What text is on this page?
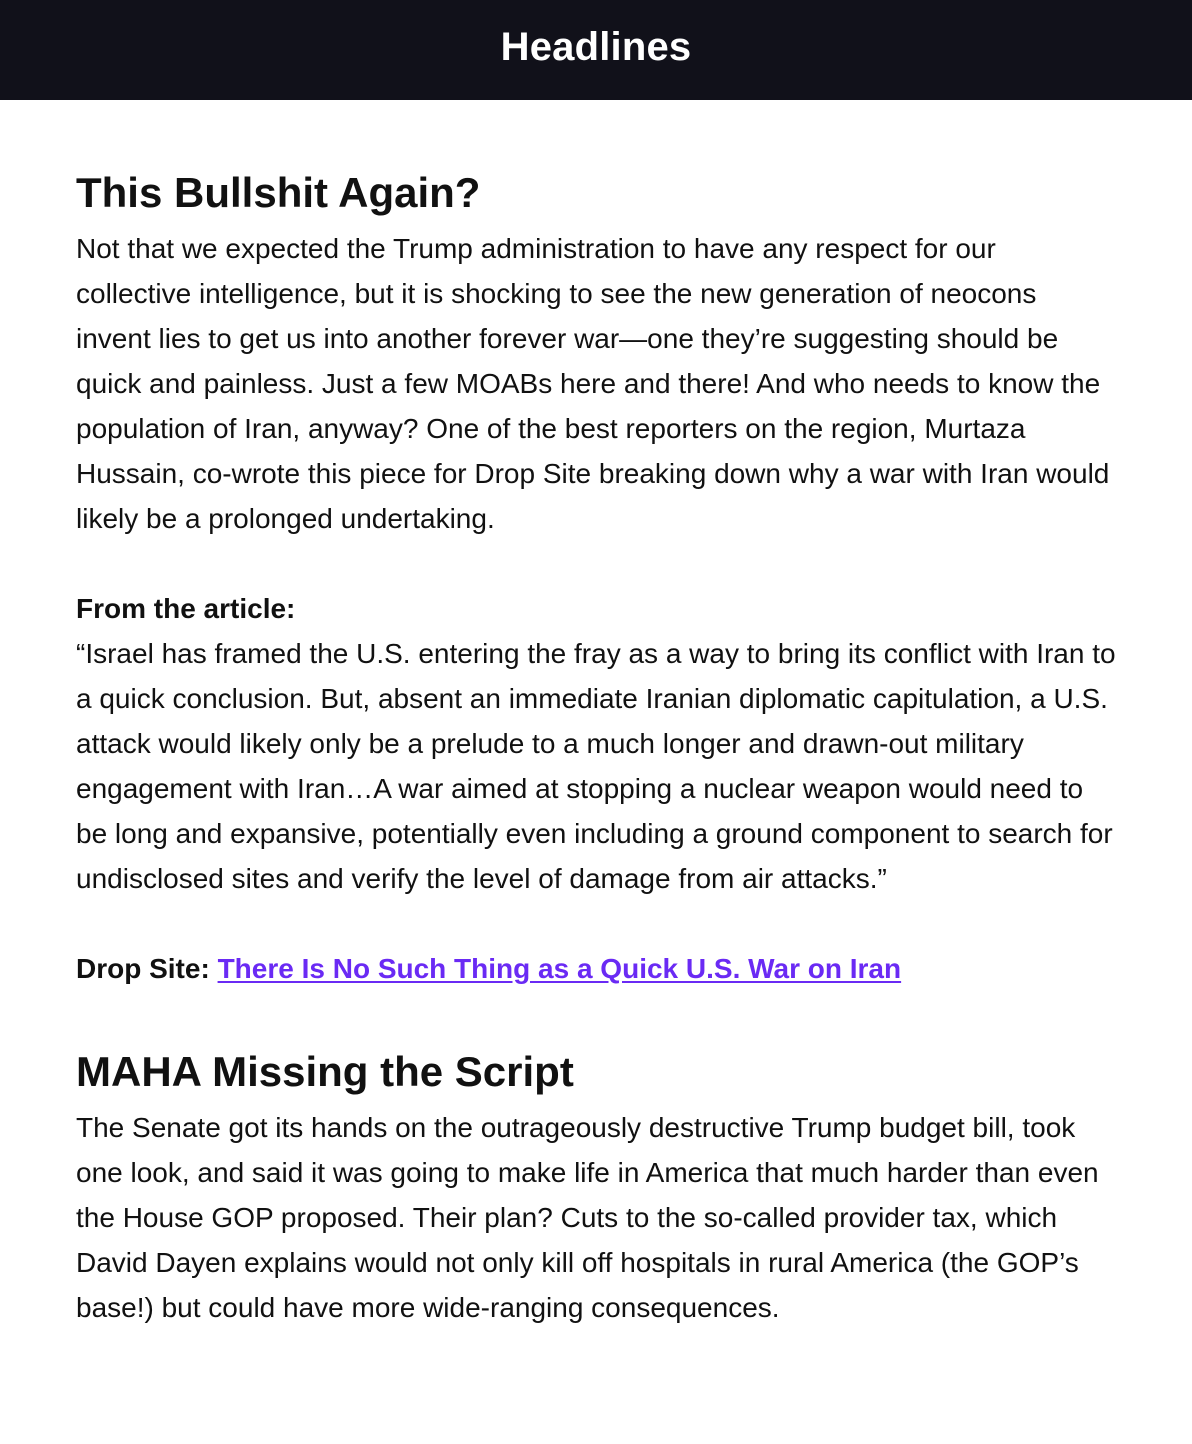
Headlines
This Bullshit Again?

Not that we expected the Trump administration to have any respect for our collective intelligence, but it is shocking to see the new generation of neocons invent lies to get us into another forever war—one they’re suggesting should be quick and painless. Just a few MOABs here and there! And who needs to know the population of Iran, anyway? One of the best reporters on the region, Murtaza Hussain, co-wrote this piece for Drop Site breaking down why a war with Iran would likely be a prolonged undertaking.

From the article:

“Israel has framed the U.S. entering the fray as a way to bring its conflict with Iran to a quick conclusion. But, absent an immediate Iranian diplomatic capitulation, a U.S. attack would likely only be a prelude to a much longer and drawn-out military engagement with Iran…A war aimed at stopping a nuclear weapon would need to be long and expansive, potentially even including a ground component to search for undisclosed sites and verify the level of damage from air attacks.”

Drop Site: There Is No Such Thing as a Quick U.S. War on Iran

MAHA Missing the Script

The Senate got its hands on the outrageously destructive Trump budget bill, took one look, and said it was going to make life in America that much harder than even the House GOP proposed. Their plan? Cuts to the so-called provider tax, which David Dayen explains would not only kill off hospitals in rural America (the GOP’s base!) but could have more wide-ranging consequences.
